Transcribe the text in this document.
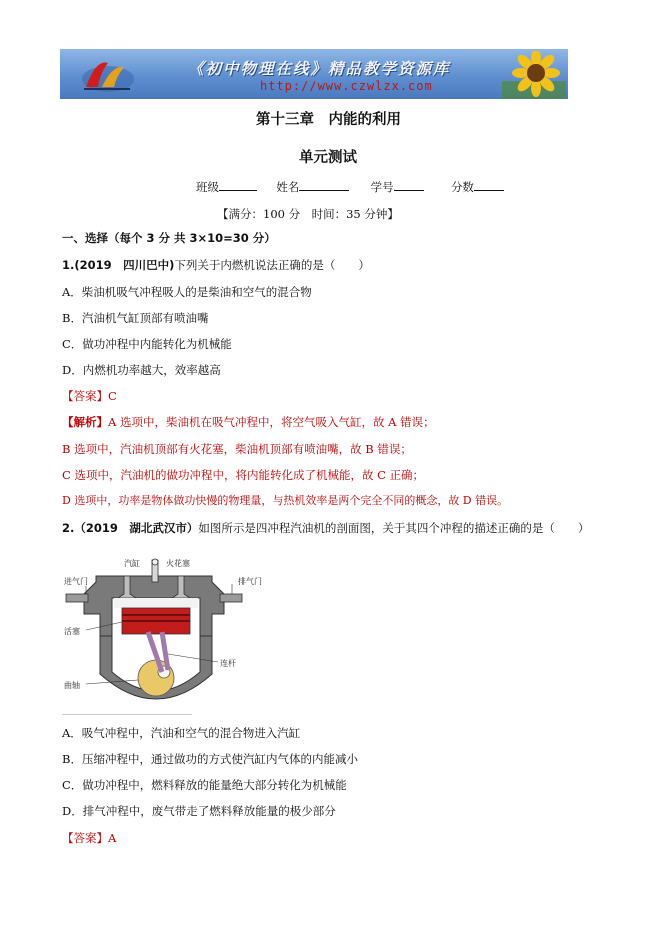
《初中物理在线》精品教学资源库
http://www.czwlzx.com
第十三章　内能的利用
单元测试
班级	姓名	学号	分数
【满分：100 分　时间：35 分钟】
一、选择（每个 3 分 共 3×10=30 分）
1.(2019　四川巴中)下列关于内燃机说法正确的是（　　）
A．柴油机吸气冲程吸人的是柴油和空气的混合物
B．汽油机气缸顶部有喷油嘴
C．做功冲程中内能转化为机械能
D．内燃机功率越大，效率越高
【答案】C
【解析】A 选项中，柴油机在吸气冲程中，将空气吸入气缸，故 A 错误；
B 选项中，汽油机顶部有火花塞，柴油机顶部有喷油嘴，故 B 错误；
C 选项中，汽油机的做功冲程中，将内能转化成了机械能，故 C 正确；
D 选项中，功率是物体做功快慢的物理量，与热机效率是两个完全不同的概念，故 D 错误。
2.（2019　湖北武汉市）如图所示是四冲程汽油机的剖面图，关于其四个冲程的描述正确的是（　　）
进气门
汽缸	火花塞
排气门
活塞
连杆
曲轴
A．吸气冲程中，汽油和空气的混合物进入汽缸
B．压缩冲程中，通过做功的方式使汽缸内气体的内能减小
C．做功冲程中，燃料释放的能量绝大部分转化为机械能
D．排气冲程中，废气带走了燃料释放能量的极少部分
【答案】A
